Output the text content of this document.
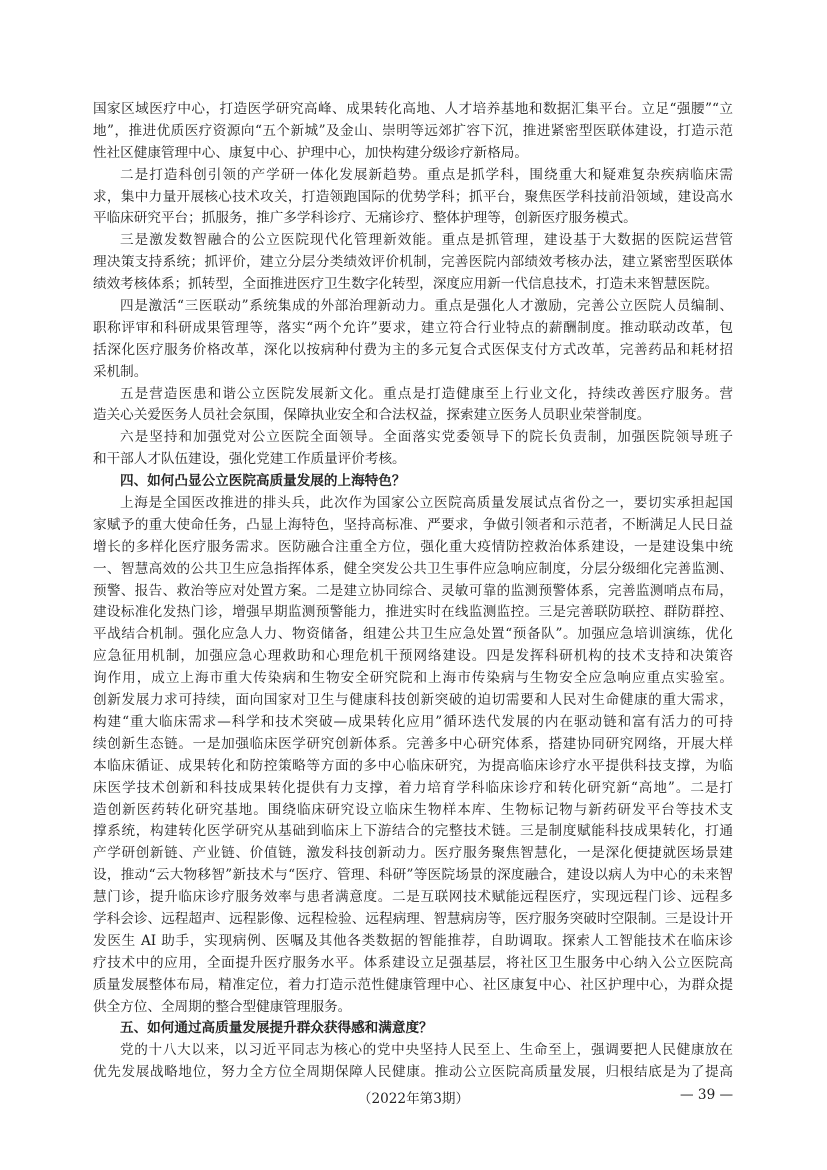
国家区域医疗中心，打造医学研究高峰、成果转化高地、人才培养基地和数据汇集平台。立足“强腰”“立
地”，推进优质医疗资源向“五个新城”及金山、崇明等远郊扩容下沉，推进紧密型医联体建设，打造示范
性社区健康管理中心、康复中心、护理中心，加快构建分级诊疗新格局。
二是打造科创引领的产学研一体化发展新趋势。重点是抓学科，围绕重大和疑难复杂疾病临床需
求，集中力量开展核心技术攻关，打造领跑国际的优势学科；抓平台，聚焦医学科技前沿领域，建设高水
平临床研究平台；抓服务，推广多学科诊疗、无痛诊疗、整体护理等，创新医疗服务模式。
三是激发数智融合的公立医院现代化管理新效能。重点是抓管理，建设基于大数据的医院运营管
理决策支持系统；抓评价，建立分层分类绩效评价机制，完善医院内部绩效考核办法，建立紧密型医联体
绩效考核体系；抓转型，全面推进医疗卫生数字化转型，深度应用新一代信息技术，打造未来智慧医院。
四是激活“三医联动”系统集成的外部治理新动力。重点是强化人才激励，完善公立医院人员编制、
职称评审和科研成果管理等，落实“两个允许”要求，建立符合行业特点的薪酬制度。推动联动改革，包
括深化医疗服务价格改革，深化以按病种付费为主的多元复合式医保支付方式改革，完善药品和耗材招
采机制。
五是营造医患和谐公立医院发展新文化。重点是打造健康至上行业文化，持续改善医疗服务。营
造关心关爱医务人员社会氛围，保障执业安全和合法权益，探索建立医务人员职业荣誉制度。
六是坚持和加强党对公立医院全面领导。全面落实党委领导下的院长负责制，加强医院领导班子
和干部人才队伍建设，强化党建工作质量评价考核。
四、如何凸显公立医院高质量发展的上海特色？
上海是全国医改推进的排头兵，此次作为国家公立医院高质量发展试点省份之一，要切实承担起国
家赋予的重大使命任务，凸显上海特色，坚持高标准、严要求，争做引领者和示范者，不断满足人民日益
增长的多样化医疗服务需求。医防融合注重全方位，强化重大疫情防控救治体系建设，一是建设集中统
一、智慧高效的公共卫生应急指挥体系，健全突发公共卫生事件应急响应制度，分层分级细化完善监测、
预警、报告、救治等应对处置方案。二是建立协同综合、灵敏可靠的监测预警体系，完善监测哨点布局，
建设标准化发热门诊，增强早期监测预警能力，推进实时在线监测监控。三是完善联防联控、群防群控、
平战结合机制。强化应急人力、物资储备，组建公共卫生应急处置“预备队”。加强应急培训演练，优化
应急征用机制，加强应急心理救助和心理危机干预网络建设。四是发挥科研机构的技术支持和决策咨
询作用，成立上海市重大传染病和生物安全研究院和上海市传染病与生物安全应急响应重点实验室。
创新发展力求可持续，面向国家对卫生与健康科技创新突破的迫切需要和人民对生命健康的重大需求，
构建“重大临床需求—科学和技术突破—成果转化应用”循环迭代发展的内在驱动链和富有活力的可持
续创新生态链。一是加强临床医学研究创新体系。完善多中心研究体系，搭建协同研究网络，开展大样
本临床循证、成果转化和防控策略等方面的多中心临床研究，为提高临床诊疗水平提供科技支撑，为临
床医学技术创新和科技成果转化提供有力支撑，着力培育学科临床诊疗和转化研究新“高地”。二是打
造创新医药转化研究基地。围绕临床研究设立临床生物样本库、生物标记物与新药研发平台等技术支
撑系统，构建转化医学研究从基础到临床上下游结合的完整技术链。三是制度赋能科技成果转化，打通
产学研创新链、产业链、价值链，激发科技创新动力。医疗服务聚焦智慧化，一是深化便捷就医场景建
设，推动“云大物移智”新技术与“医疗、管理、科研”等医院场景的深度融合，建设以病人为中心的未来智
慧门诊，提升临床诊疗服务效率与患者满意度。二是互联网技术赋能远程医疗，实现远程门诊、远程多
学科会诊、远程超声、远程影像、远程检验、远程病理、智慧病房等，医疗服务突破时空限制。三是设计开
发医生 AI 助手，实现病例、医嘱及其他各类数据的智能推荐，自助调取。探索人工智能技术在临床诊
疗技术中的应用，全面提升医疗服务水平。体系建设立足强基层，将社区卫生服务中心纳入公立医院高
质量发展整体布局，精准定位，着力打造示范性健康管理中心、社区康复中心、社区护理中心，为群众提
供全方位、全周期的整合型健康管理服务。
五、如何通过高质量发展提升群众获得感和满意度？
党的十八大以来，以习近平同志为核心的党中央坚持人民至上、生命至上，强调要把人民健康放在
优先发展战略地位，努力全方位全周期保障人民健康。推动公立医院高质量发展，归根结底是为了提高
（2022年第3期）	— 39 —
